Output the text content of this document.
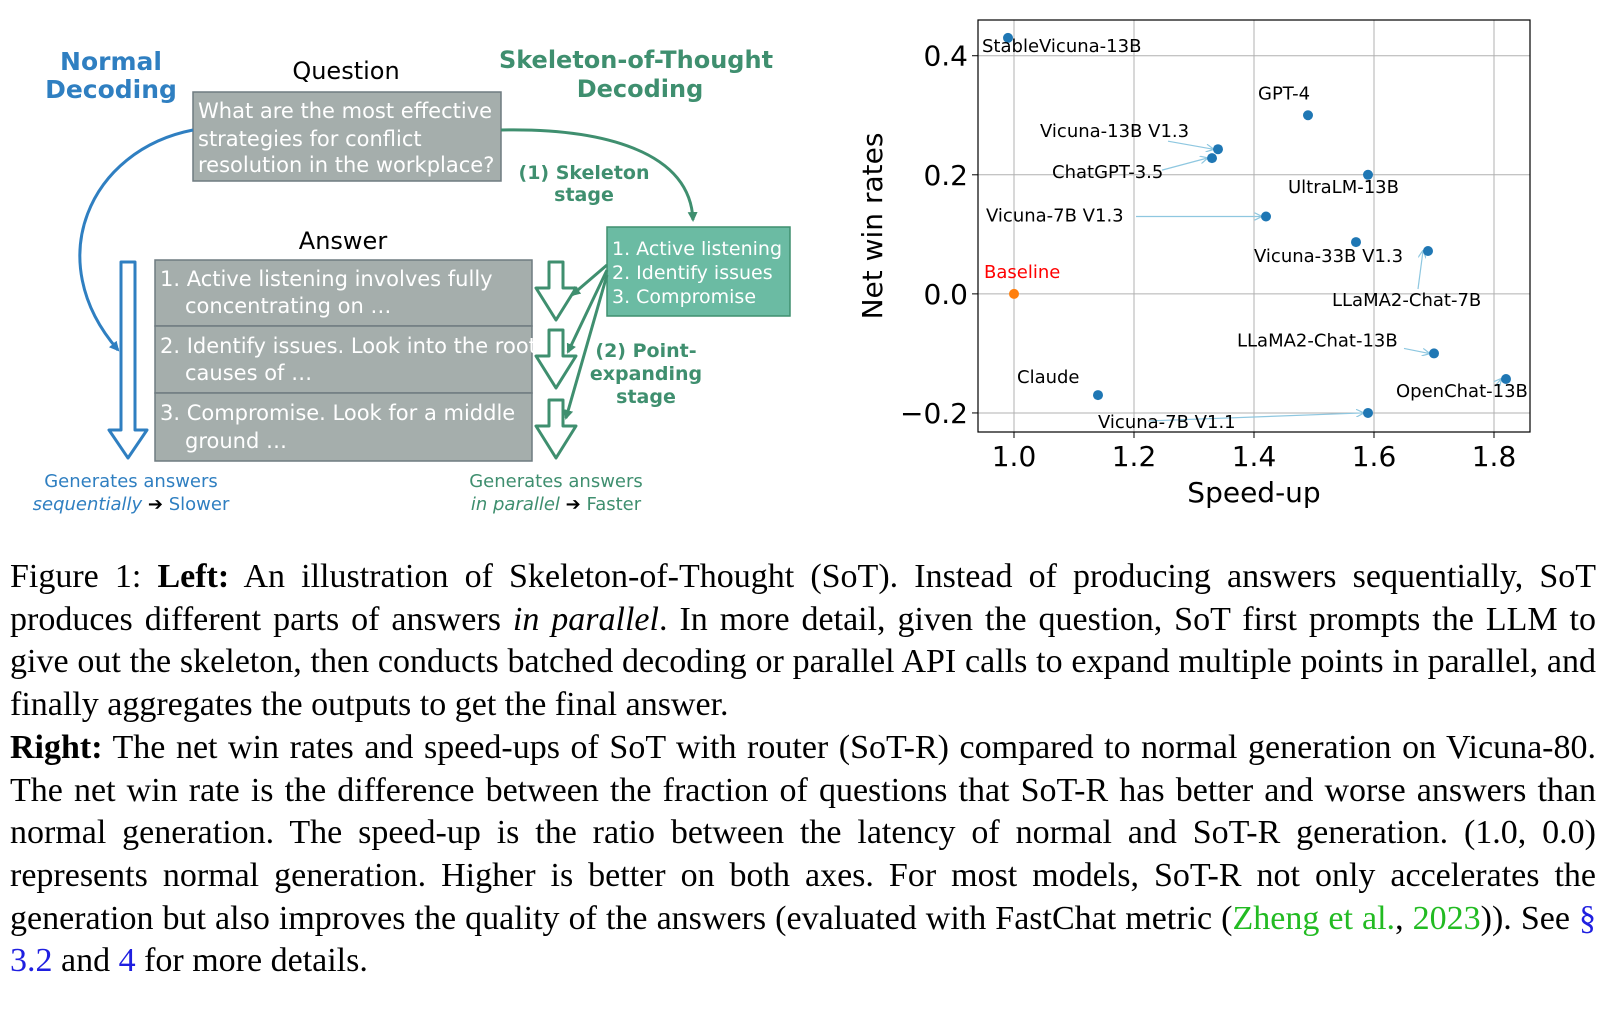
Normal
Decoding
Question
What are the most effective
strategies for conflict
resolution in the workplace?
Skeleton-of-Thought
Decoding
(1) Skeleton
stage
Answer
1. Active listening involves fully
concentrating on …
2. Identify issues. Look into the root
causes of …
3. Compromise. Look for a middle
ground …
1. Active listening
2. Identify issues
3. Compromise
(2) Point-
expanding
stage
Generates answers
sequentially ➔ Slower
Generates answers
in parallel ➔ Faster
1.0	1.2	1.4	1.6	1.8
−0.2
0.0
0.2
0.4 StableVicuna-13B
GPT-4
Vicuna-13B V1.3
ChatGPT-3.5
UltraLM-13B
Vicuna-7B V1.3
Vicuna-33B V1.3
LLaMA2-Chat-7B
Baseline
LLaMA2-Chat-13B
OpenChat-13B
Claude
Vicuna-7B V1.1
Speed-up
Net win rates

Figure 1: Left: An illustration of Skeleton-of-Thought (SoT). Instead of producing answers sequentially, SoT produces different parts of answers in parallel. In more detail, given the question, SoT first prompts the LLM to give out the skeleton, then conducts batched decoding or parallel API calls to expand multiple points in parallel, and finally aggregates the outputs to get the final answer.
Right: The net win rates and speed-ups of SoT with router (SoT-R) compared to normal generation on Vicuna-80. The net win rate is the difference between the fraction of questions that SoT-R has better and worse answers than normal generation. The speed-up is the ratio between the latency of normal and SoT-R generation. (1.0, 0.0) represents normal generation. Higher is better on both axes. For most models, SoT-R not only accelerates the generation but also improves the quality of the answers (evaluated with FastChat metric (Zheng et al., 2023)). See § 3.2 and 4 for more details.
